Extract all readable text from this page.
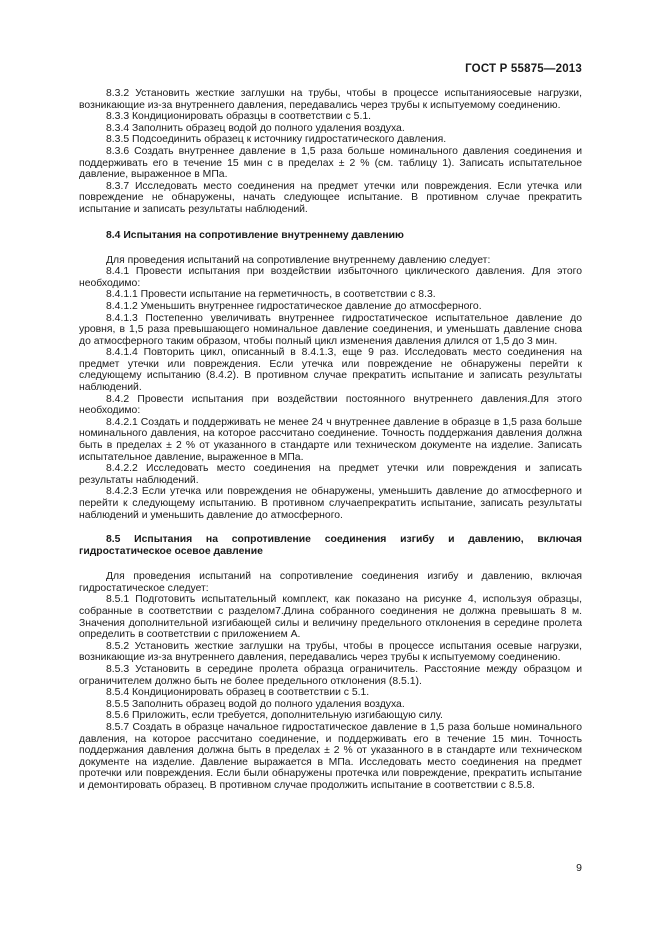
ГОСТ Р 55875—2013

8.3.2 Установить жесткие заглушки на трубы, чтобы в процессе испытанияосевые нагрузки, возникающие из-за внутреннего давления, передавались через трубы к испытуемому соединению.

8.3.3 Кондиционировать образцы в соответствии с 5.1.

8.3.4 Заполнить образец водой до полного удаления воздуха.

8.3.5 Подсоединить образец к источнику гидростатического давления.

8.3.6 Создать внутреннее давление в 1,5 раза больше номинального давления соединения и поддерживать его в течение 15 мин с в пределах ± 2 % (см. таблицу 1). Записать испытательное давление, выраженное в МПа.

8.3.7 Исследовать место соединения на предмет утечки или повреждения. Если утечка или повреждение не обнаружены, начать следующее испытание. В противном случае прекратить испытание и записать результаты наблюдений.

8.4 Испытания на сопротивление внутреннему давлению

Для проведения испытаний на сопротивление внутреннему давлению следует:

8.4.1 Провести испытания при воздействии избыточного циклического давления. Для этого необходимо:

8.4.1.1 Провести испытание на герметичность, в соответствии с 8.3.

8.4.1.2 Уменьшить внутреннее гидростатическое давление до атмосферного.

8.4.1.3 Постепенно увеличивать внутреннее гидростатическое испытательное давление до уровня, в 1,5 раза превышающего номинальное давление соединения, и уменьшать давление снова до атмосферного таким образом, чтобы полный цикл изменения давления длился от 1,5 до 3 мин.

8.4.1.4 Повторить цикл, описанный в 8.4.1.3, еще 9 раз. Исследовать место соединения на предмет утечки или повреждения. Если утечка или повреждение не обнаружены перейти к следующему испытанию (8.4.2). В противном случае прекратить испытание и записать результаты наблюдений.

8.4.2 Провести испытания при воздействии постоянного внутреннего давления.Для этого необходимо:

8.4.2.1 Создать и поддерживать не менее 24 ч внутреннее давление в образце в 1,5 раза больше номинального давления, на которое рассчитано соединение. Точность поддержания давления должна быть в пределах ± 2 % от указанного в стандарте или техническом документе на изделие. Записать испытательное давление, выраженное в МПа.

8.4.2.2 Исследовать место соединения на предмет утечки или повреждения и записать результаты наблюдений.

8.4.2.3 Если утечка или повреждения не обнаружены, уменьшить давление до атмосферного и перейти к следующему испытанию. В противном случаепрекратить испытание, записать результаты наблюдений и уменьшить давление до атмосферного.

8.5 Испытания на сопротивление соединения изгибу и давлению, включая гидростатическое осевое давление

Для проведения испытаний на сопротивление соединения изгибу и давлению, включая гидростатическое следует:

8.5.1 Подготовить испытательный комплект, как показано на рисунке 4, используя образцы, собранные в соответствии с разделом7.Длина собранного соединения не должна превышать 8 м. Значения дополнительной изгибающей силы и величину предельного отклонения в середине пролета определить в соответствии с приложением А.

8.5.2 Установить жесткие заглушки на трубы, чтобы в процессе испытания осевые нагрузки, возникающие из-за внутреннего давления, передавались через трубы к испытуемому соединению.

8.5.3 Установить в середине пролета образца ограничитель. Расстояние между образцом и ограничителем должно быть не более предельного отклонения (8.5.1).

8.5.4 Кондиционировать образец в соответствии с 5.1.

8.5.5 Заполнить образец водой до полного удаления воздуха.

8.5.6 Приложить, если требуется, дополнительную изгибающую силу.

8.5.7 Создать в образце начальное гидростатическое давление в 1,5 раза больше номинального давления, на которое рассчитано соединение, и поддерживать его в течение 15 мин. Точность поддержания давления должна быть в пределах ± 2 % от указанного в в стандарте или техническом документе на изделие. Давление выражается в МПа. Исследовать место соединения на предмет протечки или повреждения. Если были обнаружены протечка или повреждение, прекратить испытание и демонтировать образец. В противном случае продолжить испытание в соответствии с 8.5.8.

9
